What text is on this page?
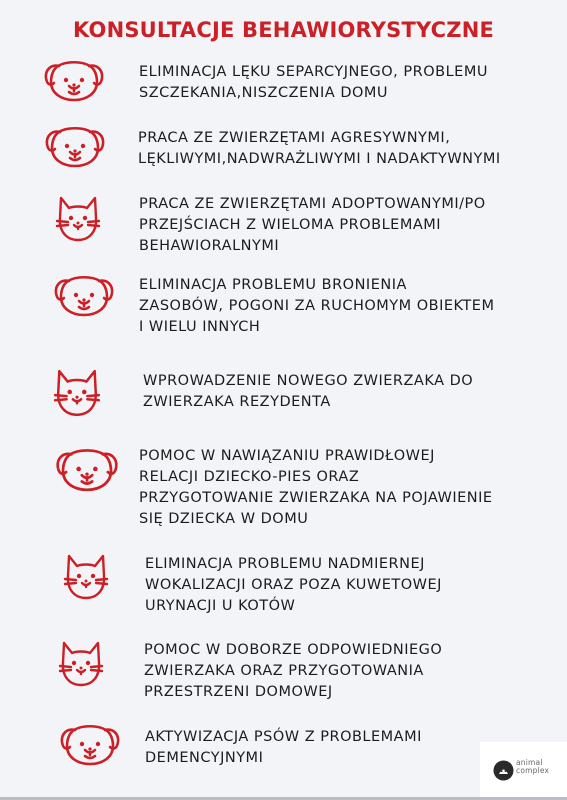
KONSULTACJE BEHAWIORYSTYCZNE
ELIMINACJA LĘKU SEPARCYJNEGO, PROBLEMU
SZCZEKANIA,NISZCZENIA DOMU
PRACA ZE ZWIERZĘTAMI AGRESYWNYMI,
LĘKLIWYMI,NADWRAŻLIWYMI I NADAKTYWNYMI
PRACA ZE ZWIERZĘTAMI ADOPTOWANYMI/PO
PRZEJŚCIACH Z WIELOMA PROBLEMAMI
BEHAWIORALNYMI
ELIMINACJA PROBLEMU BRONIENIA
ZASOBÓW, POGONI ZA RUCHOMYM OBIEKTEM
I WIELU INNYCH
WPROWADZENIE NOWEGO ZWIERZAKA DO
ZWIERZAKA REZYDENTA
POMOC W NAWIĄZANIU PRAWIDŁOWEJ
RELACJI DZIECKO-PIES ORAZ
PRZYGOTOWANIE ZWIERZAKA NA POJAWIENIE
SIĘ DZIECKA W DOMU
ELIMINACJA PROBLEMU NADMIERNEJ
WOKALIZACJI ORAZ POZA KUWETOWEJ
URYNACJI U KOTÓW
POMOC W DOBORZE ODPOWIEDNIEGO
ZWIERZAKA ORAZ PRZYGOTOWANIA
PRZESTRZENI DOMOWEJ
AKTYWIZACJA PSÓW Z PROBLEMAMI
DEMENCYJNYMI	animal
complex
